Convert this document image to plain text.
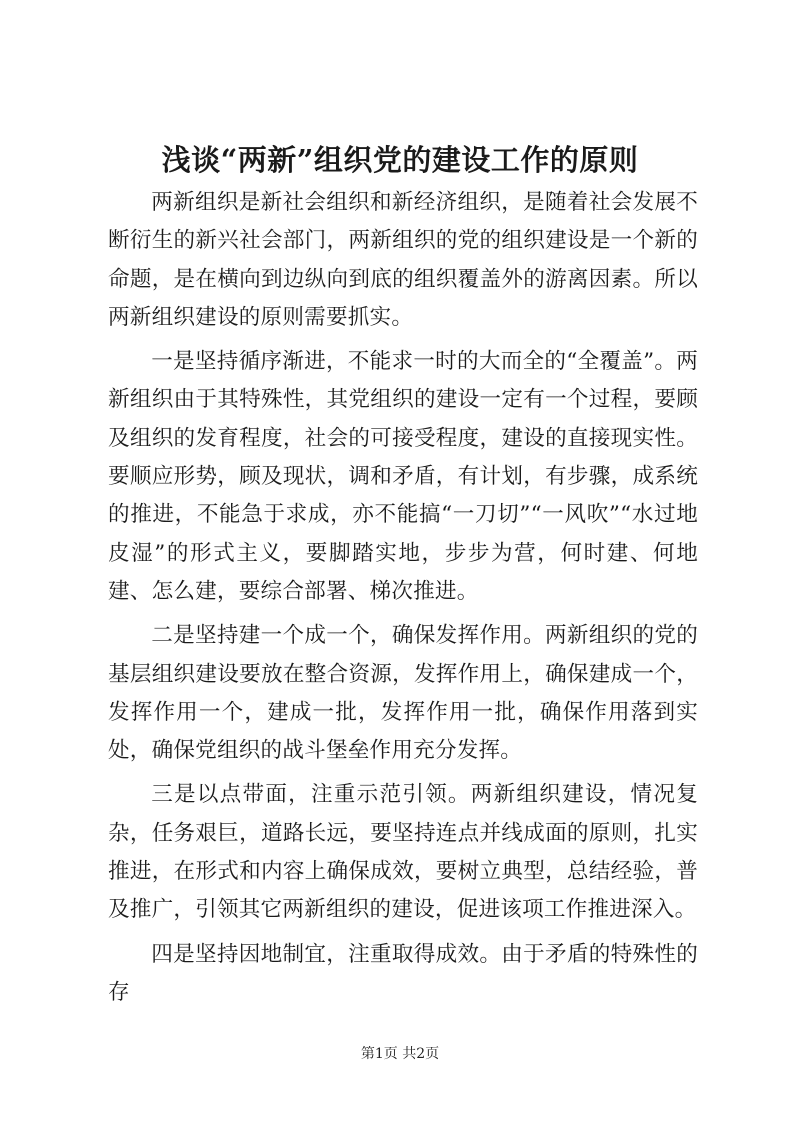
浅谈“两新”组织党的建设工作的原则

两新组织是新社会组织和新经济组织，是随着社会发展不断衍生的新兴社会部门，两新组织的党的组织建设是一个新的命题，是在横向到边纵向到底的组织覆盖外的游离因素。所以两新组织建设的原则需要抓实。

一是坚持循序渐进，不能求一时的大而全的“全覆盖”。两新组织由于其特殊性，其党组织的建设一定有一个过程，要顾及组织的发育程度，社会的可接受程度，建设的直接现实性。要顺应形势，顾及现状，调和矛盾，有计划，有步骤，成系统的推进，不能急于求成，亦不能搞“一刀切”“一风吹”“水过地皮湿”的形式主义，要脚踏实地，步步为营，何时建、何地建、怎么建，要综合部署、梯次推进。

二是坚持建一个成一个，确保发挥作用。两新组织的党的基层组织建设要放在整合资源，发挥作用上，确保建成一个，发挥作用一个，建成一批，发挥作用一批，确保作用落到实处，确保党组织的战斗堡垒作用充分发挥。

三是以点带面，注重示范引领。两新组织建设，情况复杂，任务艰巨，道路长远，要坚持连点并线成面的原则，扎实推进，在形式和内容上确保成效，要树立典型，总结经验，普及推广，引领其它两新组织的建设，促进该项工作推进深入。

四是坚持因地制宜，注重取得成效。由于矛盾的特殊性的存

第1页 共2页
